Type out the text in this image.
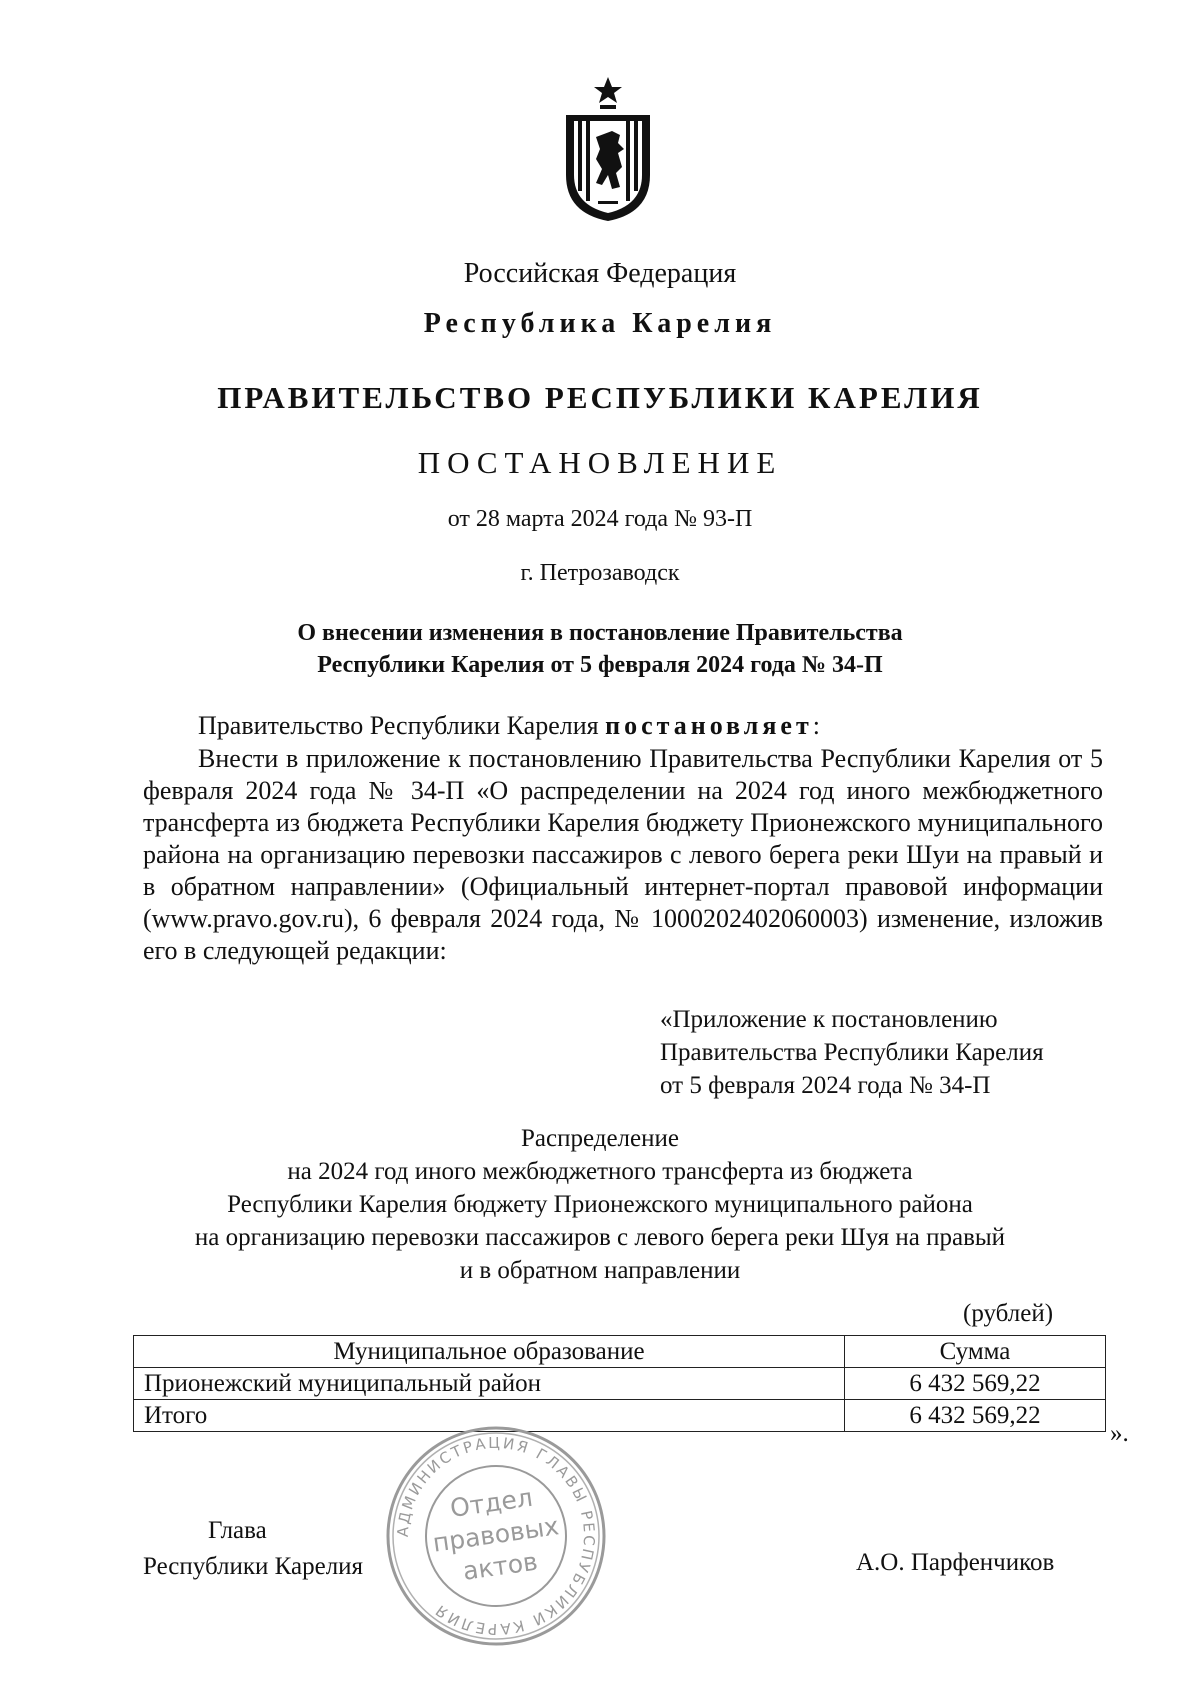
Российская Федерация
Республика Карелия
ПРАВИТЕЛЬСТВО РЕСПУБЛИКИ КАРЕЛИЯ
ПОСТАНОВЛЕНИЕ
от 28 марта 2024 года № 93-П
г. Петрозаводск
О внесении изменения в постановление Правительства
Республики Карелия от 5 февраля 2024 года № 34-П
Правительство Республики Карелия постановляет:
Внести в приложение к постановлению Правительства Республики Карелия от 5 февраля 2024 года № 34-П «О распределении на 2024 год иного межбюджетного трансферта из бюджета Республики Карелия бюджету Прионежского муниципального района на организацию перевозки пассажиров с левого берега реки Шуи на правый и в обратном направлении» (Официальный интернет-портал правовой информации (www.pravo.gov.ru), 6 февраля 2024 года, № 1000202402060003) изменение, изложив его в следующей редакции:
«Приложение к постановлению
Правительства Республики Карелия
от 5 февраля 2024 года № 34-П
Распределение
на 2024 год иного межбюджетного трансферта из бюджета
Республики Карелия бюджету Прионежского муниципального района
на организацию перевозки пассажиров с левого берега реки Шуя на правый
и в обратном направлении
(рублей)
Муниципальное образование	Сумма
Прионежский муниципальный район	6 432 569,22
Итого	6 432 569,22
».
Глава
Республики Карелия	А.О. Парфенчиков
АДМИНИСТРАЦИЯ ГЛАВЫ РЕСПУБЛИКИ КАРЕЛИЯ
Отдел
правовых
актов
